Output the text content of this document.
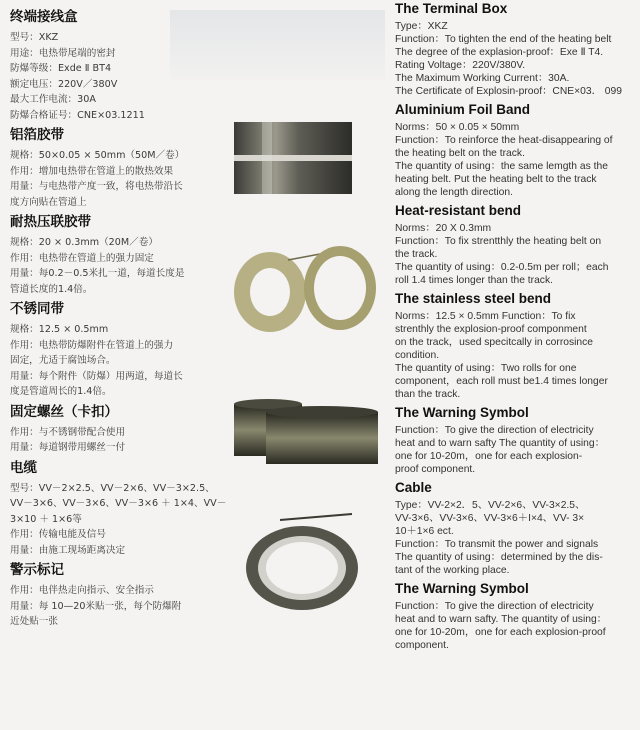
终端接线盒
型号：XKZ
用途：电热带尾端的密封
防爆等级：Exde Ⅱ BT4
额定电压：220V／380V
最大工作电流：30A
防爆合格证号：CNE×03.1211
铝箔胶带
规格：50×0.05 × 50mm（50M／卷）
作用：增加电热带在管道上的散热效果
用量：与电热带产度一致，将电热带沿长
度方向贴在管道上
耐热压联胶带
规格：20 × 0.3mm（20M／卷）
作用：电热带在管道上的强力固定
用量：每0.2－0.5米扎一道，每道长度是
管道长度的1.4倍。
不锈同带
规格：12.5 × 0.5mm
作用：电热带防爆附件在管道上的强力
固定，尤适于腐蚀场合。
用量：每个附件（防爆）用两道，每道长
度是管道周长的1.4倍。
固定螺丝（卡扣）
作用：与不锈钢带配合使用
用量：每道钢带用螺丝一付
电缆
型号：VV－2×2.5、VV－2×6、VV－3×2.5、
VV－3×6、VV－3×6、VV－3×6 ＋ 1×4、VV－
3×10 ＋ 1×6等
作用：传输电能及信号
用量：由施工现场距离决定
警示标记
作用：电伴热走向指示、安全指示
用量：每 10—20米贴一张，每个防爆附
近处贴一张
The Terminal Box

Type：XKZ

Function：To tighten the end of the heating belt

The degree of the explasion-proof：Exe Ⅱ T4.

Rating Voltage：220V/380V.

The Maximum Working Current：30A.

The Certificate of Explosin-proof：CNE×03． 099

Aluminium Foil Band

Norms：50 × 0.05 × 50mm

Function：To reinforce the heat-disappearing of

the heating belt on the track.

The quantity of using：the same lemgth as the

heating belt. Put the heating belt to the track

along the length direction.

Heat-resistant bend

Norms：20 X 0.3mm

Function：To fix strentthly the heating belt on

the track.

The quantity of using：0.2-0.5m per roll；each

roll 1.4 times longer than the track.

The stainless steel bend

Norms：12.5 × 0.5mm Function：To fix

strenthly the explosion-proof componment

on the track，used specitcally in corrosince

condition.

The quantity of using：Two rolls for one

component，each roll must be1.4 times longer

than the track.

The Warning Symbol

Function：To give the direction of electricity

heat and to warn safty The quantity of using：

one for 10-20m，one for each explosion-

proof component.

Cable

Type：VV-2×2．5、VV-2×6、VV-3×2.5、

VV-3×6、VV-3×6、VV-3×6＋I×4、VV- 3×

10＋1×6 ect.

Function：To transmit the power and signals

The quantity of using：determined by the dis-

tant of the working place.

The Warning Symbol

Function：To give the direction of electricity

heat and to warn safty. The quantity of using：

one for 10-20m，one for each explosion-proof

component.
